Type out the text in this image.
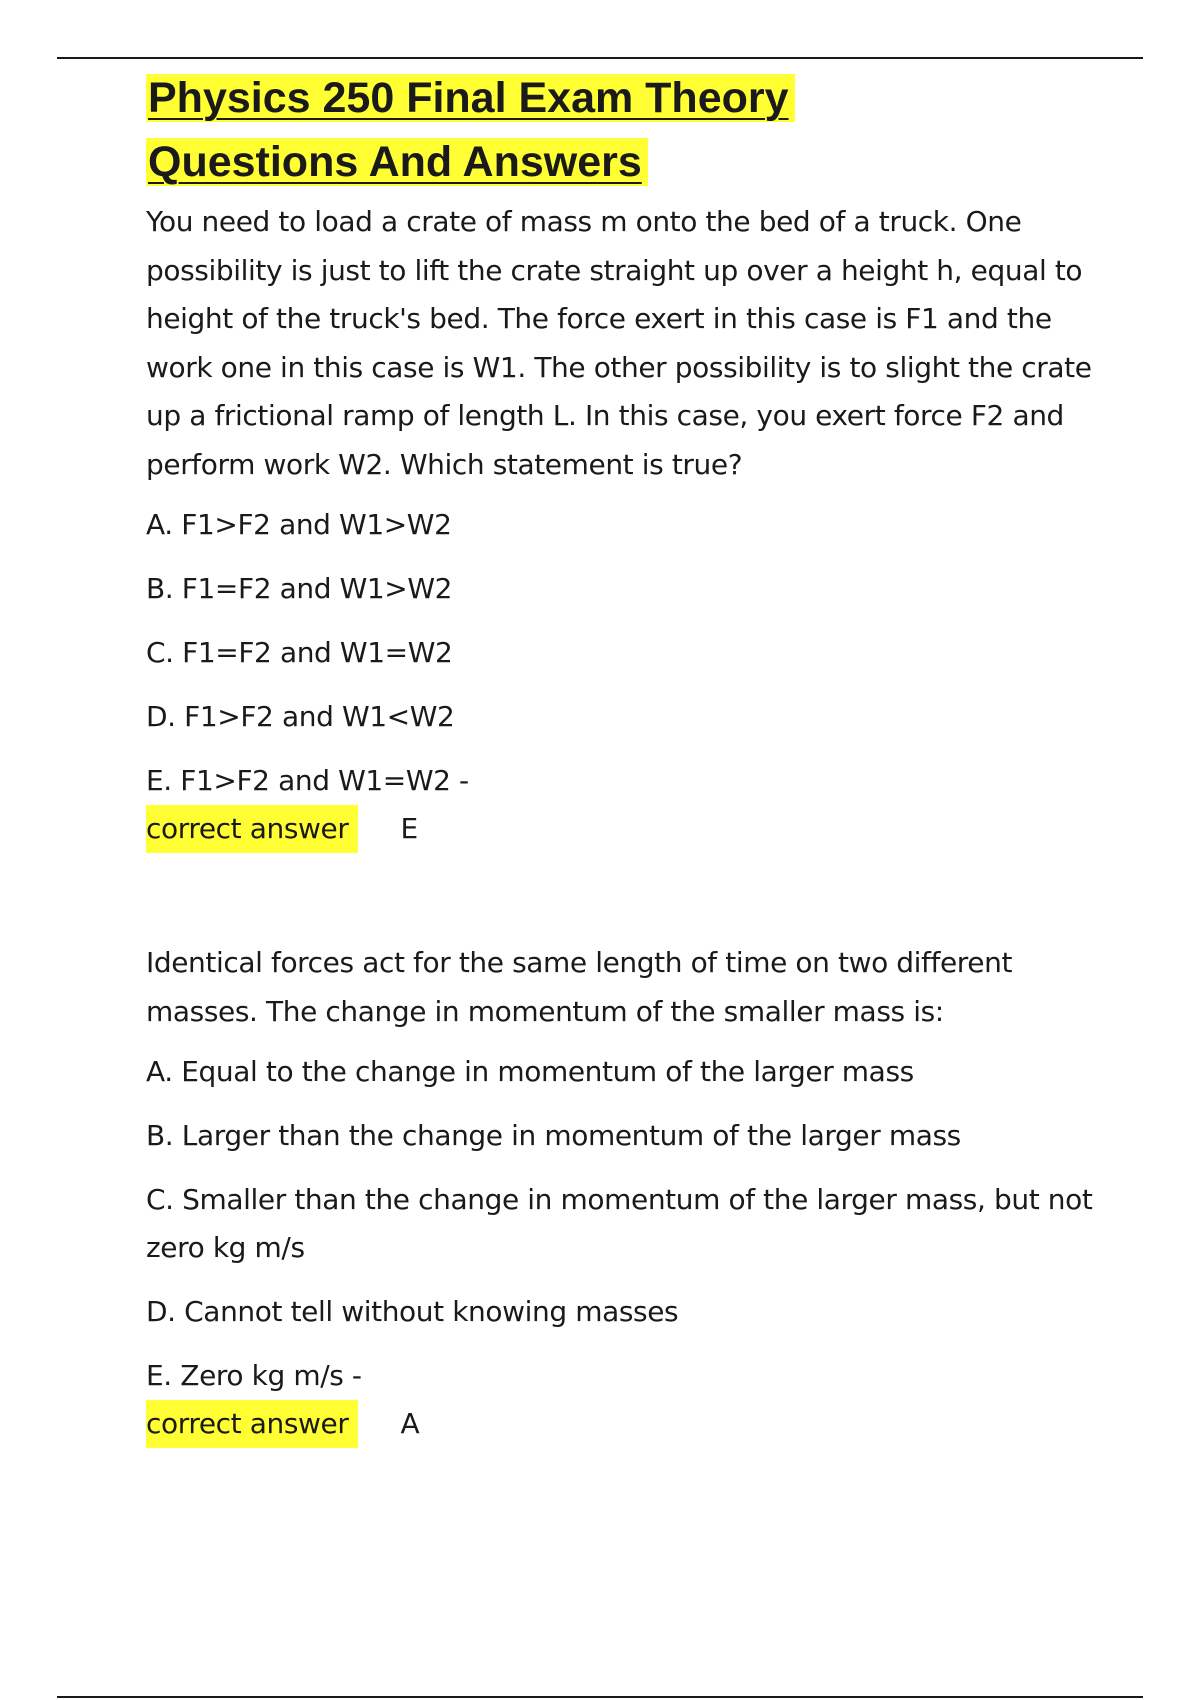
Physics 250 Final Exam Theory
Questions And Answers

You need to load a crate of mass m onto the bed of a truck. One possibility is just to lift the crate straight up over a height h, equal to height of the truck's bed. The force exert in this case is F1 and the work one in this case is W1. The other possibility is to slight the crate up a frictional ramp of length L. In this case, you exert force F2 and perform work W2. Which statement is true?

A. F1>F2 and W1>W2
B. F1=F2 and W1>W2
C. F1=F2 and W1=W2
D. F1>F2 and W1<W2
E. F1>F2 and W1=W2 -
correct answer	E

Identical forces act for the same length of time on two different masses. The change in momentum of the smaller mass is:

A. Equal to the change in momentum of the larger mass
B. Larger than the change in momentum of the larger mass
C. Smaller than the change in momentum of the larger mass, but not zero kg m/s
D. Cannot tell without knowing masses
E. Zero kg m/s -
correct answer	A
